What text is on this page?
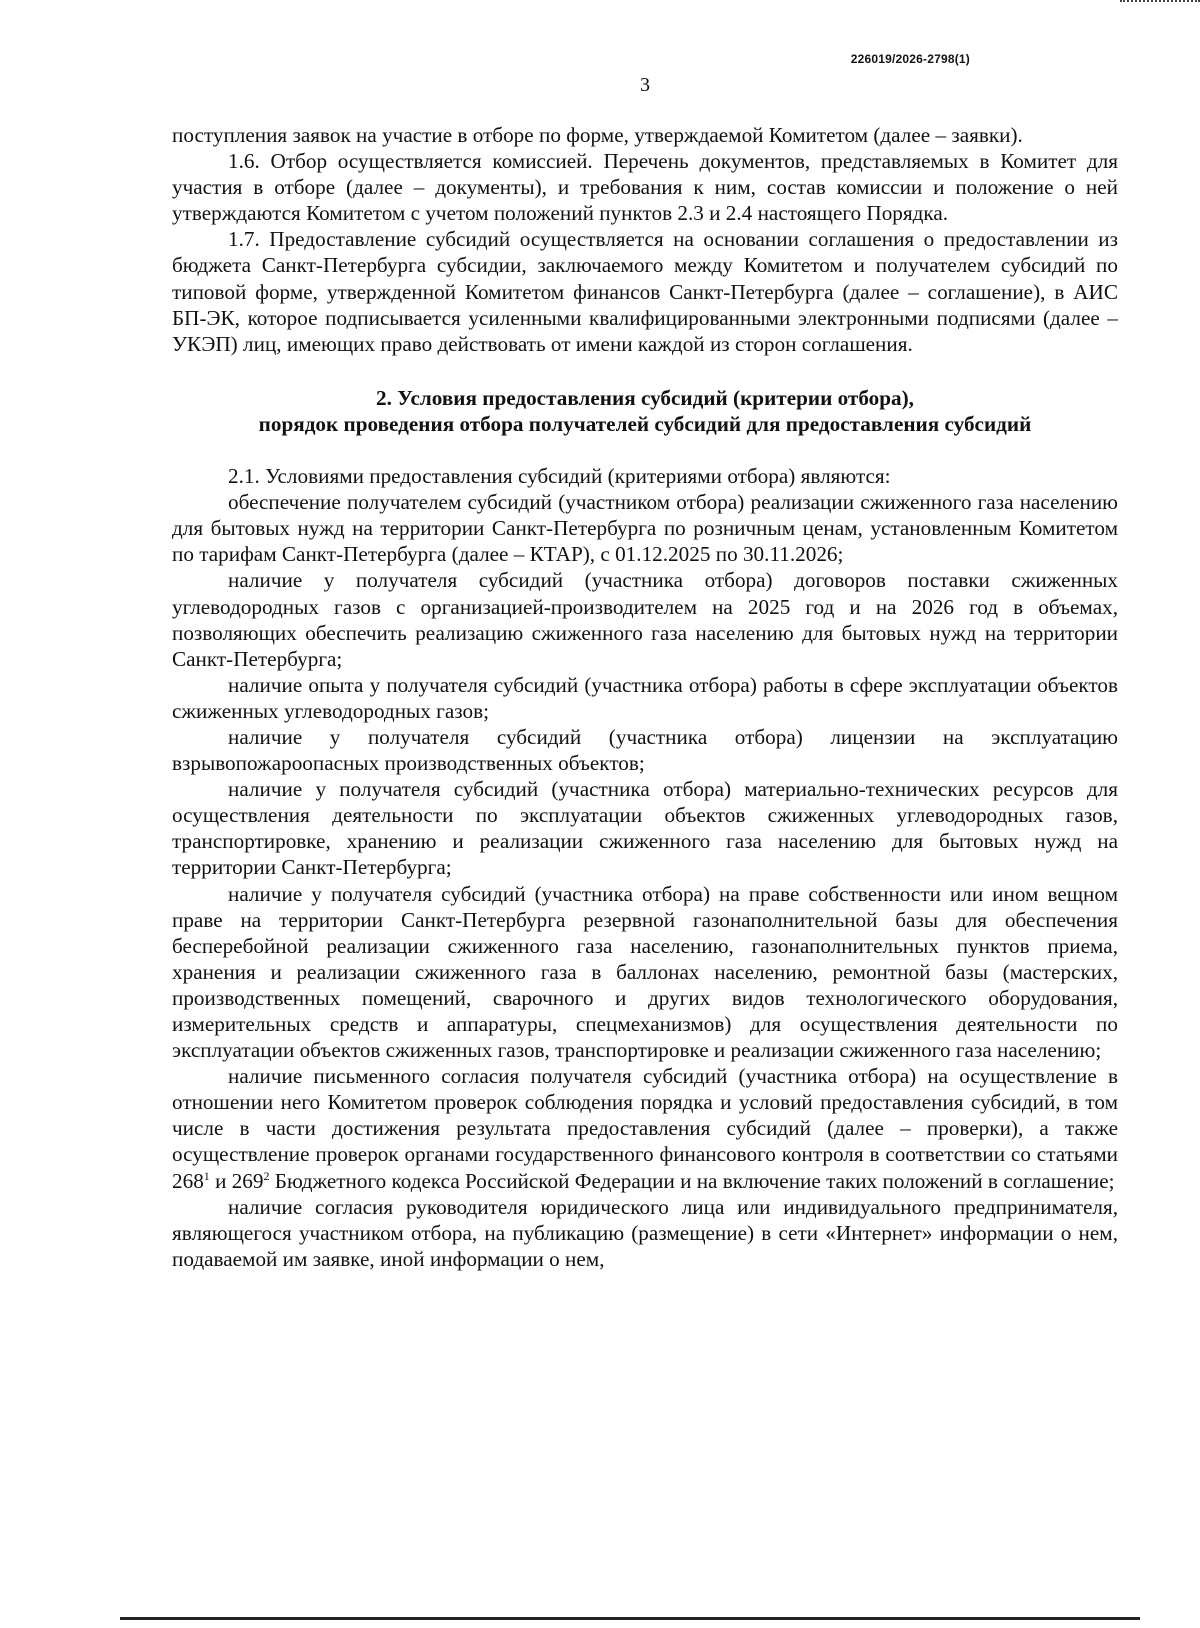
226019/2026-2798(1)
3

поступления заявок на участие в отборе по форме, утверждаемой Комитетом (далее – заявки).

1.6. Отбор осуществляется комиссией. Перечень документов, представляемых в Комитет для участия в отборе (далее – документы), и требования к ним, состав комиссии и положение о ней утверждаются Комитетом с учетом положений пунктов 2.3 и 2.4 настоящего Порядка.

1.7. Предоставление субсидий осуществляется на основании соглашения о предоставлении из бюджета Санкт-Петербурга субсидии, заключаемого между Комитетом и получателем субсидий по типовой форме, утвержденной Комитетом финансов Санкт-Петербурга (далее – соглашение), в АИС БП-ЭК, которое подписывается усиленными квалифицированными электронными подписями (далее – УКЭП) лиц, имеющих право действовать от имени каждой из сторон соглашения.

2. Условия предоставления субсидий (критерии отбора),
порядок проведения отбора получателей субсидий для предоставления субсидий

2.1. Условиями предоставления субсидий (критериями отбора) являются:

обеспечение получателем субсидий (участником отбора) реализации сжиженного газа населению для бытовых нужд на территории Санкт-Петербурга по розничным ценам, установленным Комитетом по тарифам Санкт-Петербурга (далее – КТАР), с 01.12.2025 по 30.11.2026;

наличие у получателя субсидий (участника отбора) договоров поставки сжиженных углеводородных газов с организацией-производителем на 2025 год и на 2026 год в объемах, позволяющих обеспечить реализацию сжиженного газа населению для бытовых нужд на территории Санкт-Петербурга;

наличие опыта у получателя субсидий (участника отбора) работы в сфере эксплуатации объектов сжиженных углеводородных газов;

наличие у получателя субсидий (участника отбора) лицензии на эксплуатацию взрывопожароопасных производственных объектов;

наличие у получателя субсидий (участника отбора) материально-технических ресурсов для осуществления деятельности по эксплуатации объектов сжиженных углеводородных газов, транспортировке, хранению и реализации сжиженного газа населению для бытовых нужд на территории Санкт-Петербурга;

наличие у получателя субсидий (участника отбора) на праве собственности или ином вещном праве на территории Санкт-Петербурга резервной газонаполнительной базы для обеспечения бесперебойной реализации сжиженного газа населению, газонаполнительных пунктов приема, хранения и реализации сжиженного газа в баллонах населению, ремонтной базы (мастерских, производственных помещений, сварочного и других видов технологического оборудования, измерительных средств и аппаратуры, спецмеханизмов) для осуществления деятельности по эксплуатации объектов сжиженных газов, транспортировке и реализации сжиженного газа населению;

наличие письменного согласия получателя субсидий (участника отбора) на осуществление в отношении него Комитетом проверок соблюдения порядка и условий предоставления субсидий, в том числе в части достижения результата предоставления субсидий (далее – проверки), а также осуществление проверок органами государственного финансового контроля в соответствии со статьями $268^1$ и $269^2$ Бюджетного кодекса Российской Федерации и на включение таких положений в соглашение;

наличие согласия руководителя юридического лица или индивидуального предпринимателя, являющегося участником отбора, на публикацию (размещение) в сети «Интернет» информации о нем, подаваемой им заявке, иной информации о нем,
